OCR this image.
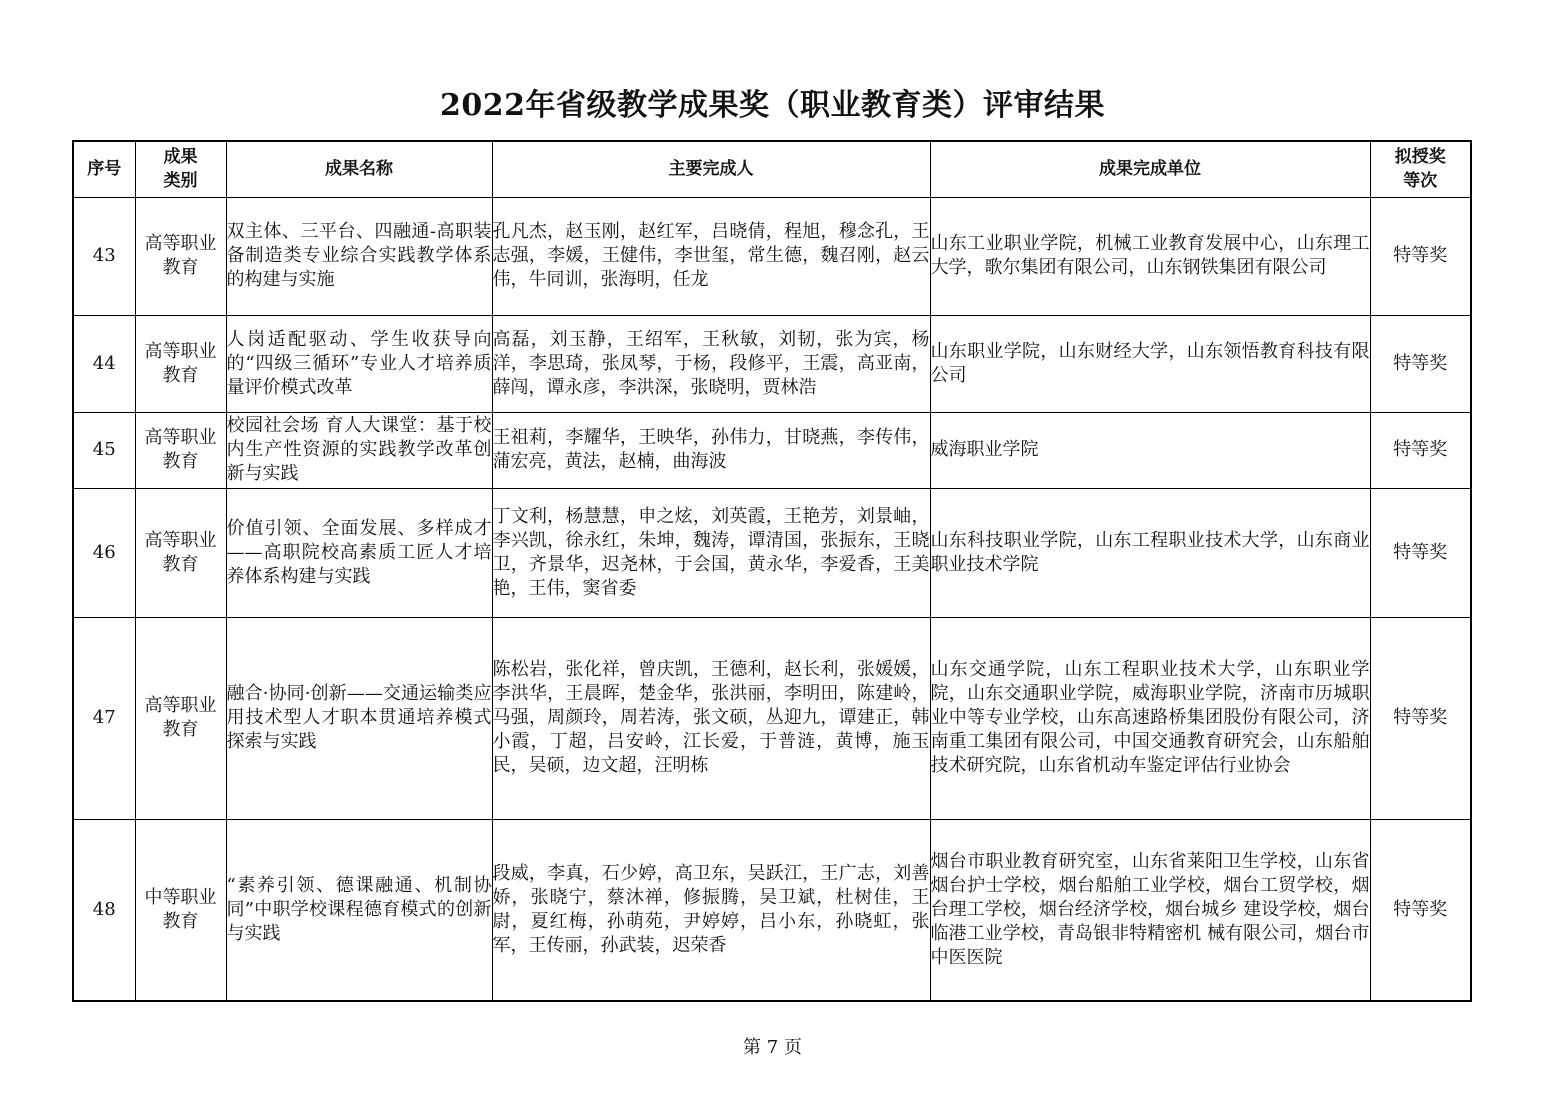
2022年省级教学成果奖（职业教育类）评审结果
序号	成果类别	成果名称	主要完成人	成果完成单位	拟授奖等次
43	高等职业教育	双主体、三平台、四融通-高职装备制造类专业综合实践教学体系的构建与实施	孔凡杰，赵玉刚，赵红军，吕晓倩，程旭，穆念孔，王志强，李媛，王健伟，李世玺，常生德，魏召刚，赵云伟，牛同训，张海明，任龙	山东工业职业学院，机械工业教育发展中心，山东理工大学，歌尔集团有限公司，山东钢铁集团有限公司	特等奖
44	高等职业教育	人岗适配驱动、学生收获导向的“四级三循环”专业人才培养质量评价模式改革	高磊，刘玉静，王绍军，王秋敏，刘韧，张为宾，杨洋，李思琦，张凤琴，于杨，段修平，王震，高亚南，薛闯，谭永彦，李洪深，张晓明，贾林浩	山东职业学院，山东财经大学，山东领悟教育科技有限公司	特等奖
45	高等职业教育	校园社会场 育人大课堂：基于校内生产性资源的实践教学改革创新与实践	王祖莉，李耀华，王映华，孙伟力，甘晓燕，李传伟，蒲宏亮，黄法，赵楠，曲海波	威海职业学院	特等奖
46	高等职业教育	价值引领、全面发展、多样成才——高职院校高素质工匠人才培养体系构建与实践	丁文利，杨慧慧，申之炫，刘英霞，王艳芳，刘景岫，李兴凯，徐永红，朱坤，魏涛，谭清国，张振东，王晓卫，齐景华，迟尧林，于会国，黄永华，李爱香，王美艳，王伟，窦省委	山东科技职业学院，山东工程职业技术大学，山东商业职业技术学院	特等奖
47	高等职业教育	融合·协同·创新——交通运输类应用技术型人才职本贯通培养模式探索与实践	陈松岩，张化祥，曾庆凯，王德利，赵长利，张媛媛，李洪华，王晨晖，楚金华，张洪丽，李明田，陈建岭，马强，周颜玲，周若涛，张文硕，丛迎九，谭建正，韩小霞，丁超，吕安岭，江长爱，于普涟，黄博，施玉民，吴硕，边文超，汪明栋	山东交通学院，山东工程职业技术大学，山东职业学院，山东交通职业学院，威海职业学院，济南市历城职业中等专业学校，山东高速路桥集团股份有限公司，济南重工集团有限公司，中国交通教育研究会，山东船舶技术研究院，山东省机动车鉴定评估行业协会	特等奖
48	中等职业教育	“素养引领、德课融通、机制协同”中职学校课程德育模式的创新与实践	段威，李真，石少婷，高卫东，吴跃江，王广志，刘善娇，张晓宁，蔡沐禅，修振腾，吴卫斌，杜树佳，王尉，夏红梅，孙萌苑，尹婷婷，吕小东，孙晓虹，张军，王传丽，孙武装，迟荣香	烟台市职业教育研究室，山东省莱阳卫生学校，山东省烟台护士学校，烟台船舶工业学校，烟台工贸学校，烟台理工学校，烟台经济学校，烟台城乡 建设学校，烟台临港工业学校，青岛银非特精密机 械有限公司，烟台市中医医院	特等奖
第 7 页
